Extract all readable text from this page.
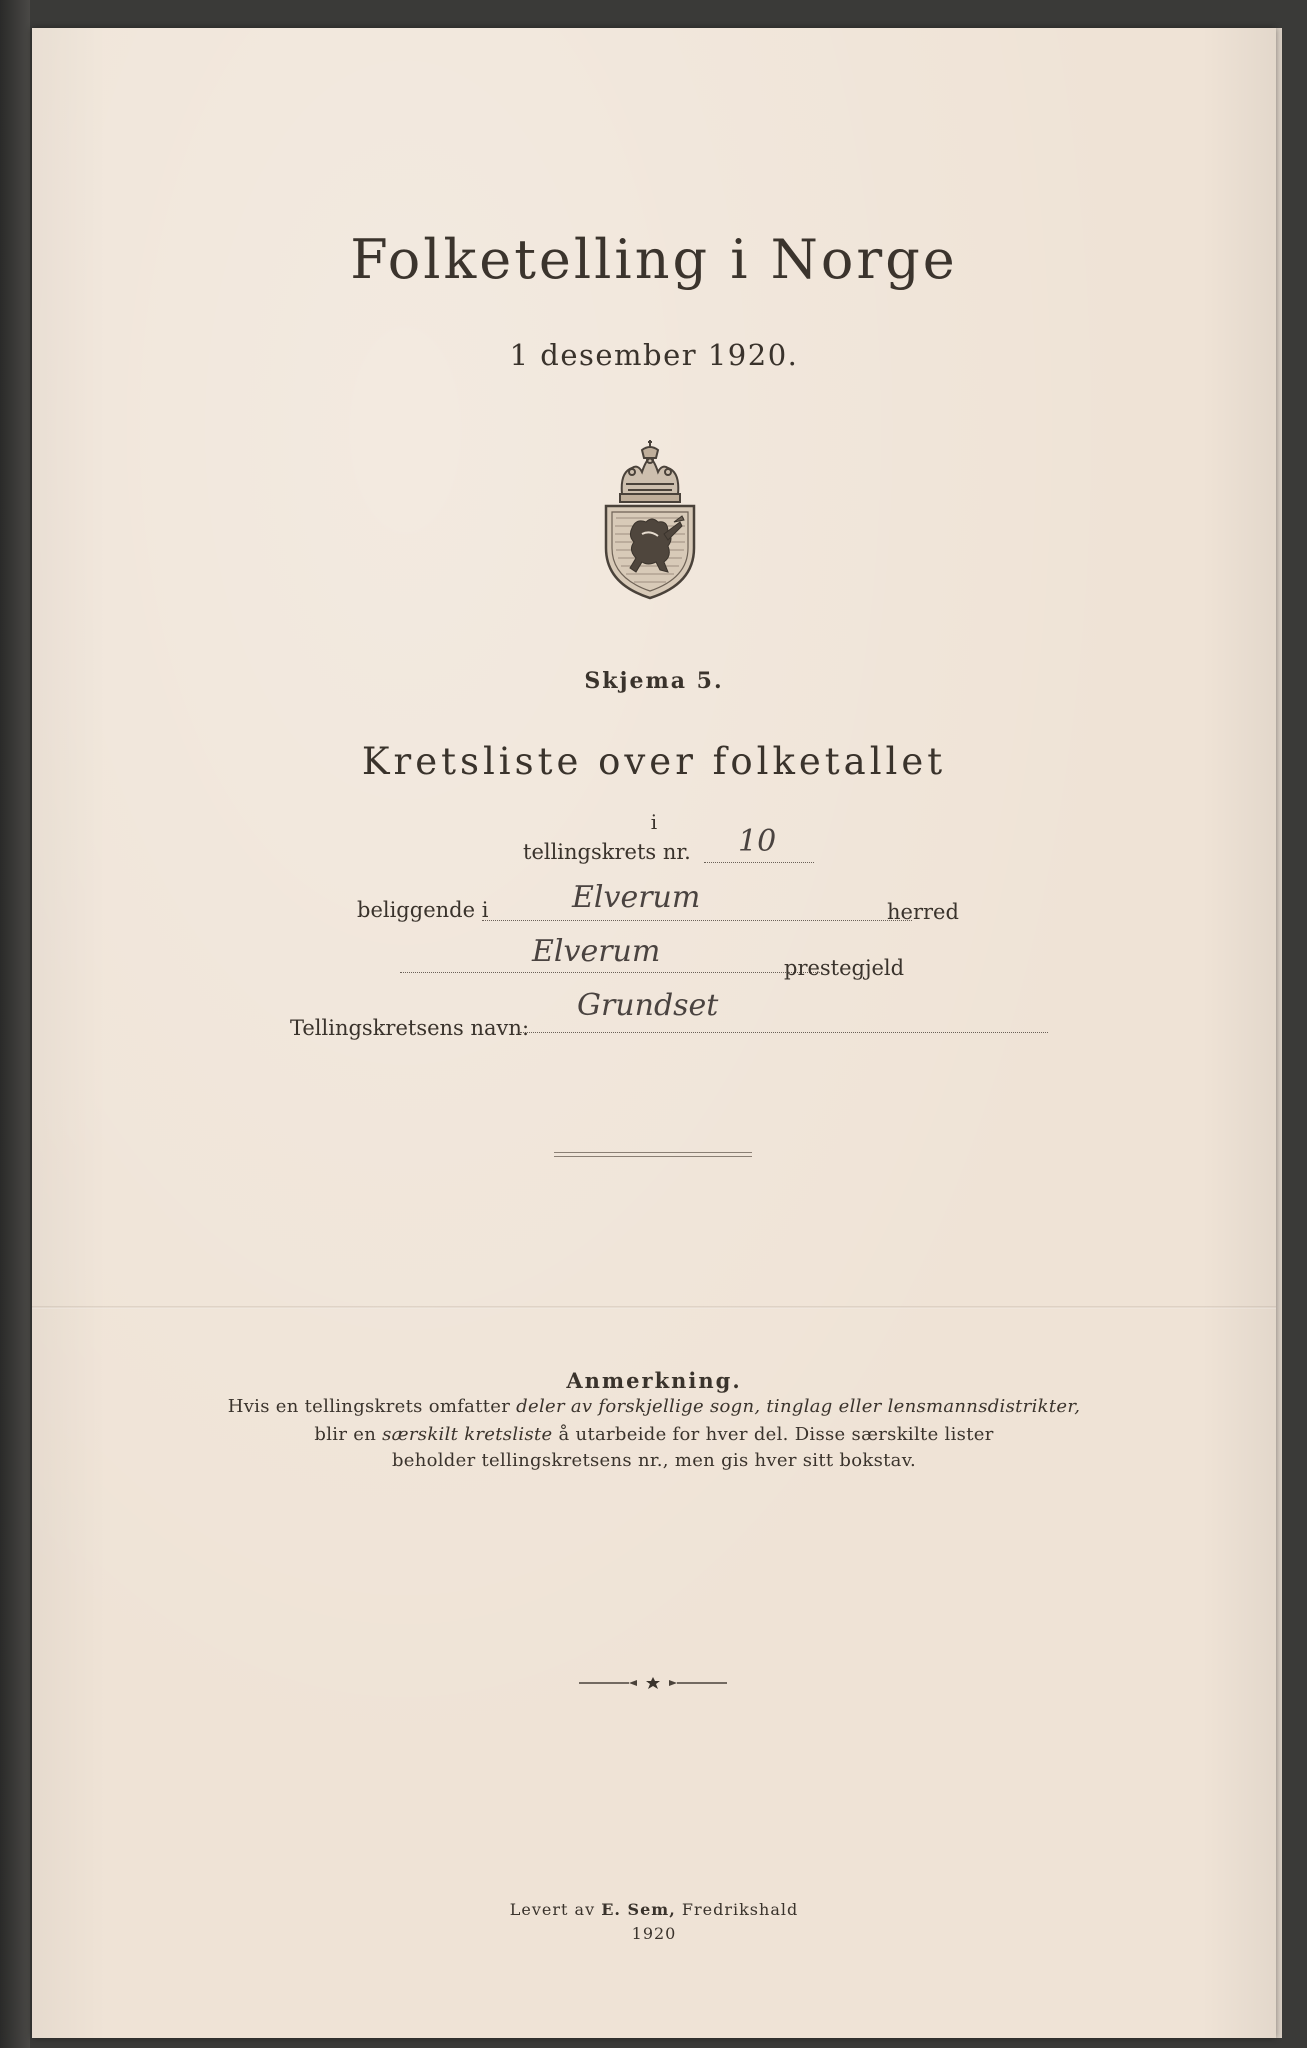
Folketelling i Norge
1 desember 1920.
Skjema 5.
Kretsliste over folketallet
i
tellingskrets nr. 10
beliggende i	Elverum	herred
Elverum	prestegjeld
Tellingskretsens navn:
Grundset
Anmerkning.
Hvis en tellingskrets omfatter deler av forskjellige sogn, tinglag eller lensmannsdistrikter,
blir en særskilt kretsliste å utarbeide for hver del. Disse særskilte lister
beholder tellingskretsens nr., men gis hver sitt bokstav.
Levert av E. Sem, Fredrikshald
1920
